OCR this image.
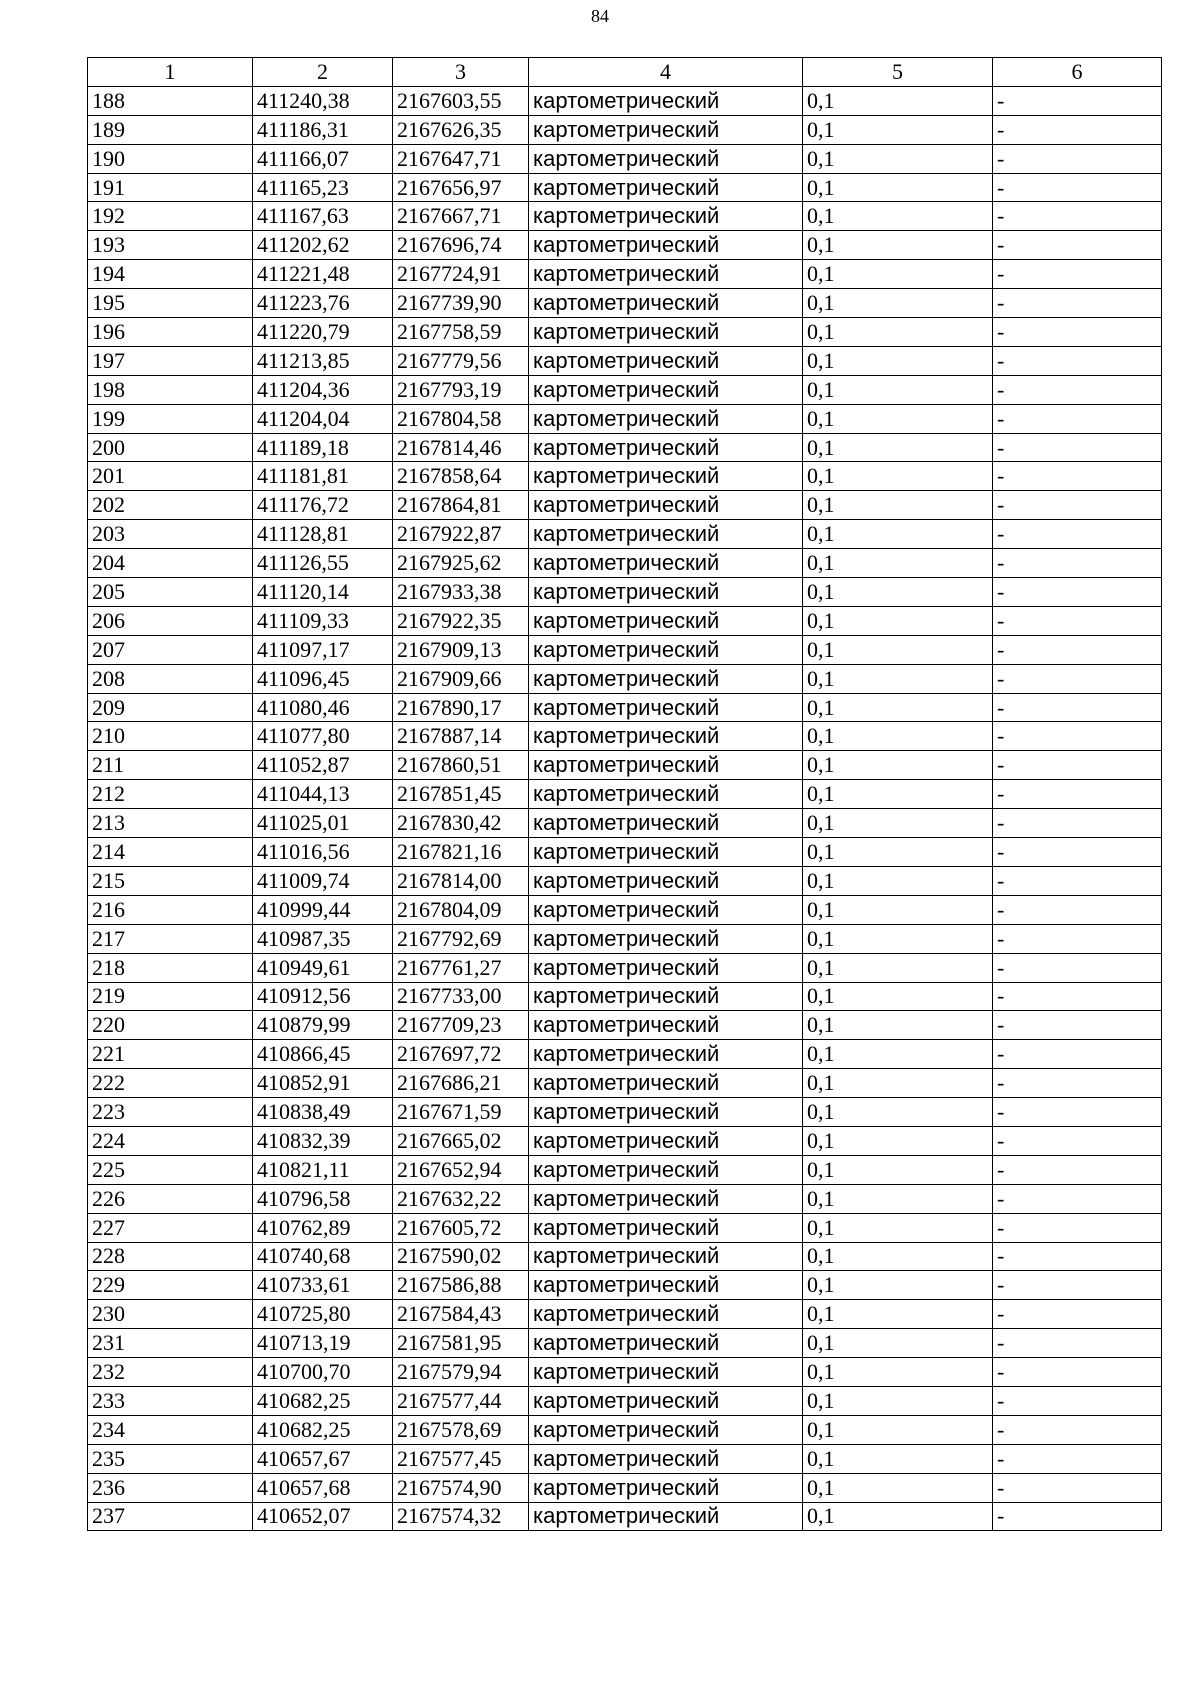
84
1	2	3	4	5	6
188	411240,38	2167603,55	картометрический	0,1	-
189	411186,31	2167626,35	картометрический	0,1	-
190	411166,07	2167647,71	картометрический	0,1	-
191	411165,23	2167656,97	картометрический	0,1	-
192	411167,63	2167667,71	картометрический	0,1	-
193	411202,62	2167696,74	картометрический	0,1	-
194	411221,48	2167724,91	картометрический	0,1	-
195	411223,76	2167739,90	картометрический	0,1	-
196	411220,79	2167758,59	картометрический	0,1	-
197	411213,85	2167779,56	картометрический	0,1	-
198	411204,36	2167793,19	картометрический	0,1	-
199	411204,04	2167804,58	картометрический	0,1	-
200	411189,18	2167814,46	картометрический	0,1	-
201	411181,81	2167858,64	картометрический	0,1	-
202	411176,72	2167864,81	картометрический	0,1	-
203	411128,81	2167922,87	картометрический	0,1	-
204	411126,55	2167925,62	картометрический	0,1	-
205	411120,14	2167933,38	картометрический	0,1	-
206	411109,33	2167922,35	картометрический	0,1	-
207	411097,17	2167909,13	картометрический	0,1	-
208	411096,45	2167909,66	картометрический	0,1	-
209	411080,46	2167890,17	картометрический	0,1	-
210	411077,80	2167887,14	картометрический	0,1	-
211	411052,87	2167860,51	картометрический	0,1	-
212	411044,13	2167851,45	картометрический	0,1	-
213	411025,01	2167830,42	картометрический	0,1	-
214	411016,56	2167821,16	картометрический	0,1	-
215	411009,74	2167814,00	картометрический	0,1	-
216	410999,44	2167804,09	картометрический	0,1	-
217	410987,35	2167792,69	картометрический	0,1	-
218	410949,61	2167761,27	картометрический	0,1	-
219	410912,56	2167733,00	картометрический	0,1	-
220	410879,99	2167709,23	картометрический	0,1	-
221	410866,45	2167697,72	картометрический	0,1	-
222	410852,91	2167686,21	картометрический	0,1	-
223	410838,49	2167671,59	картометрический	0,1	-
224	410832,39	2167665,02	картометрический	0,1	-
225	410821,11	2167652,94	картометрический	0,1	-
226	410796,58	2167632,22	картометрический	0,1	-
227	410762,89	2167605,72	картометрический	0,1	-
228	410740,68	2167590,02	картометрический	0,1	-
229	410733,61	2167586,88	картометрический	0,1	-
230	410725,80	2167584,43	картометрический	0,1	-
231	410713,19	2167581,95	картометрический	0,1	-
232	410700,70	2167579,94	картометрический	0,1	-
233	410682,25	2167577,44	картометрический	0,1	-
234	410682,25	2167578,69	картометрический	0,1	-
235	410657,67	2167577,45	картометрический	0,1	-
236	410657,68	2167574,90	картометрический	0,1	-
237	410652,07	2167574,32	картометрический	0,1	-
